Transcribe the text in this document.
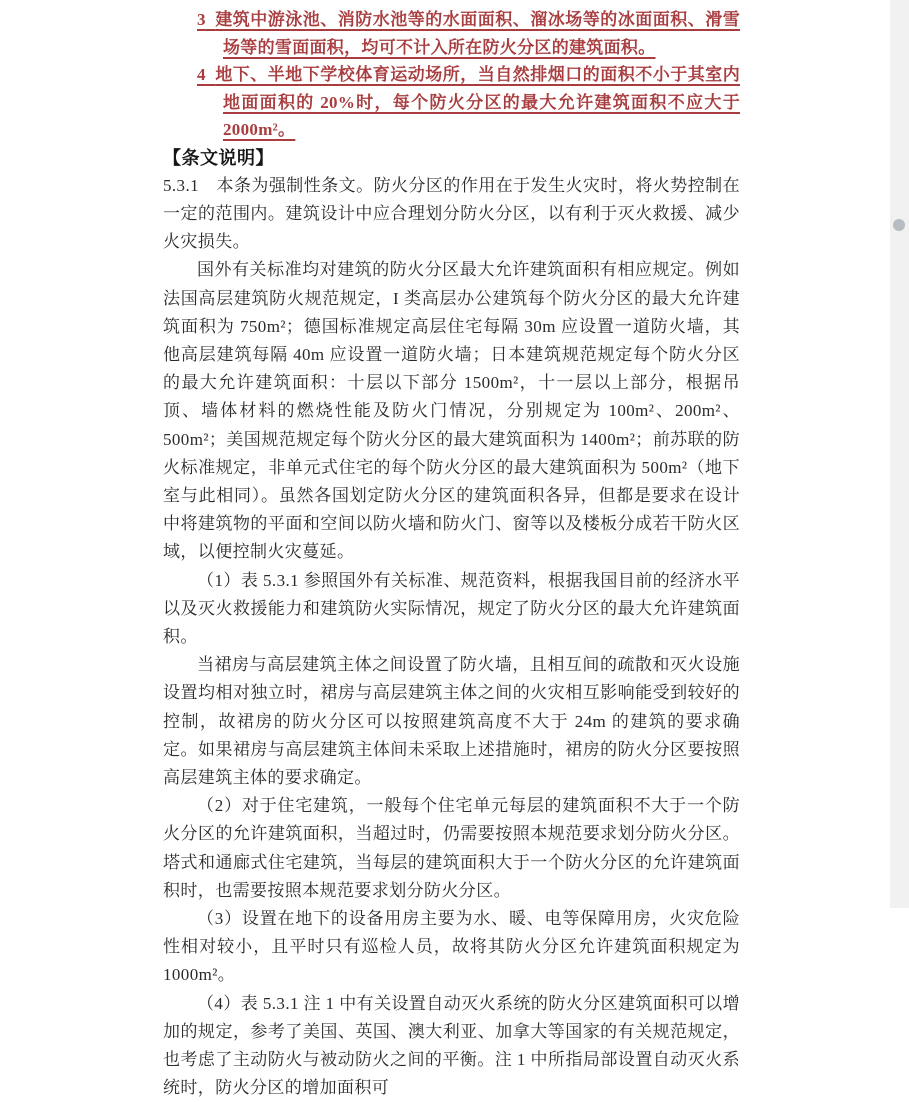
3 建筑中游泳池、消防水池等的水面面积、溜冰场等的冰面面积、滑雪场等的雪面面积，均可不计入所在防火分区的建筑面积。

4 地下、半地下学校体育运动场所，当自然排烟口的面积不小于其室内地面面积的 20%时，每个防火分区的最大允许建筑面积不应大于 2000m²。

【条文说明】

5.3.1　本条为强制性条文。防火分区的作用在于发生火灾时，将火势控制在一定的范围内。建筑设计中应合理划分防火分区，以有利于灭火救援、减少火灾损失。

国外有关标准均对建筑的防火分区最大允许建筑面积有相应规定。例如法国高层建筑防火规范规定，I 类高层办公建筑每个防火分区的最大允许建筑面积为 750m²；德国标准规定高层住宅每隔 30m 应设置一道防火墙，其他高层建筑每隔 40m 应设置一道防火墙；日本建筑规范规定每个防火分区的最大允许建筑面积：十层以下部分 1500m²，十一层以上部分，根据吊顶、墙体材料的燃烧性能及防火门情况，分别规定为 100m²、200m²、500m²；美国规范规定每个防火分区的最大建筑面积为 1400m²；前苏联的防火标准规定，非单元式住宅的每个防火分区的最大建筑面积为 500m²（地下室与此相同）。虽然各国划定防火分区的建筑面积各异，但都是要求在设计中将建筑物的平面和空间以防火墙和防火门、窗等以及楼板分成若干防火区域，以便控制火灾蔓延。

（1）表 5.3.1 参照国外有关标准、规范资料，根据我国目前的经济水平以及灭火救援能力和建筑防火实际情况，规定了防火分区的最大允许建筑面积。

当裙房与高层建筑主体之间设置了防火墙，且相互间的疏散和灭火设施设置均相对独立时，裙房与高层建筑主体之间的火灾相互影响能受到较好的控制，故裙房的防火分区可以按照建筑高度不大于 24m 的建筑的要求确定。如果裙房与高层建筑主体间未采取上述措施时，裙房的防火分区要按照高层建筑主体的要求确定。

（2）对于住宅建筑，一般每个住宅单元每层的建筑面积不大于一个防火分区的允许建筑面积，当超过时，仍需要按照本规范要求划分防火分区。塔式和通廊式住宅建筑，当每层的建筑面积大于一个防火分区的允许建筑面积时，也需要按照本规范要求划分防火分区。

（3）设置在地下的设备用房主要为水、暖、电等保障用房，火灾危险性相对较小，且平时只有巡检人员，故将其防火分区允许建筑面积规定为 1000m²。

（4）表 5.3.1 注 1 中有关设置自动灭火系统的防火分区建筑面积可以增加的规定，参考了美国、英国、澳大利亚、加拿大等国家的有关规范规定，也考虑了主动防火与被动防火之间的平衡。注 1 中所指局部设置自动灭火系统时，防火分区的增加面积可
